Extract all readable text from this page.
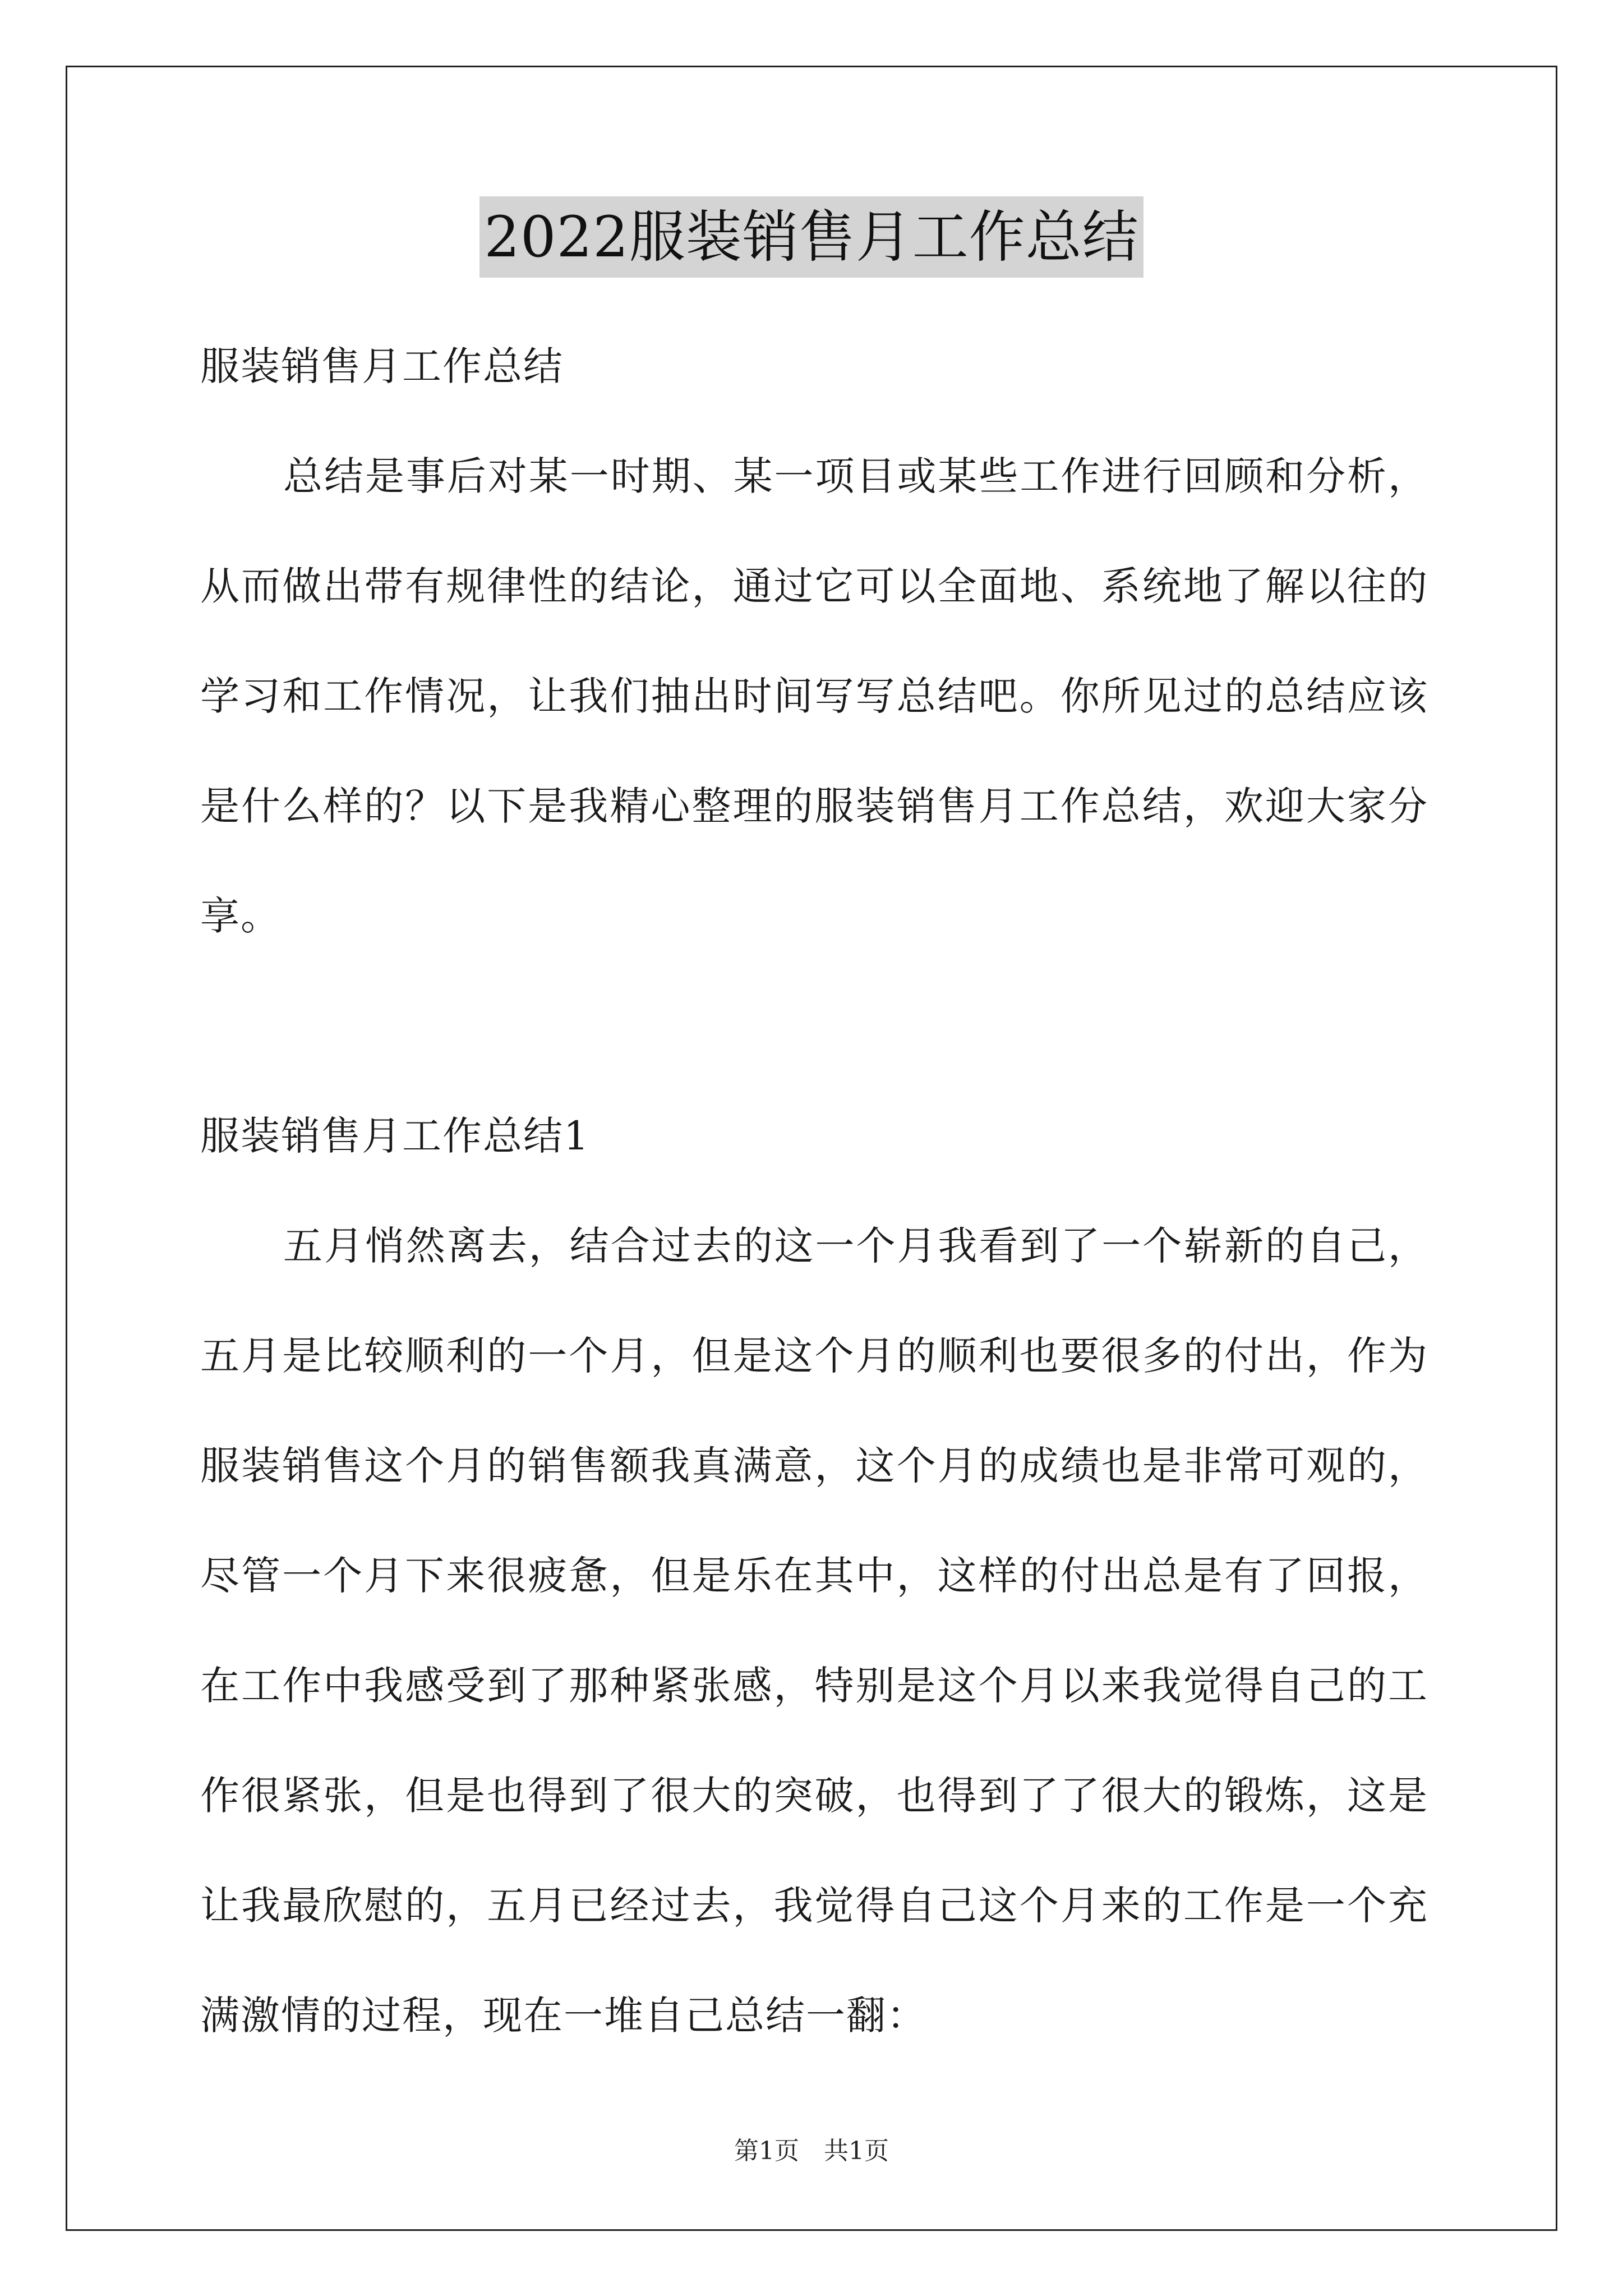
2022服装销售月工作总结
服装销售月工作总结
总结是事后对某一时期、某一项目或某些工作进行回顾和分析，
从而做出带有规律性的结论，通过它可以全面地、系统地了解以往的
学习和工作情况，让我们抽出时间写写总结吧。你所见过的总结应该
是什么样的？以下是我精心整理的服装销售月工作总结，欢迎大家分
享。
服装销售月工作总结1
五月悄然离去，结合过去的这一个月我看到了一个崭新的自己，
五月是比较顺利的一个月，但是这个月的顺利也要很多的付出，作为
服装销售这个月的销售额我真满意，这个月的成绩也是非常可观的，
尽管一个月下来很疲惫，但是乐在其中，这样的付出总是有了回报，
在工作中我感受到了那种紧张感，特别是这个月以来我觉得自己的工
作很紧张，但是也得到了很大的突破，也得到了了很大的锻炼，这是
让我最欣慰的，五月已经过去，我觉得自己这个月来的工作是一个充
满激情的过程，现在一堆自己总结一翻：
第1页 共1页
